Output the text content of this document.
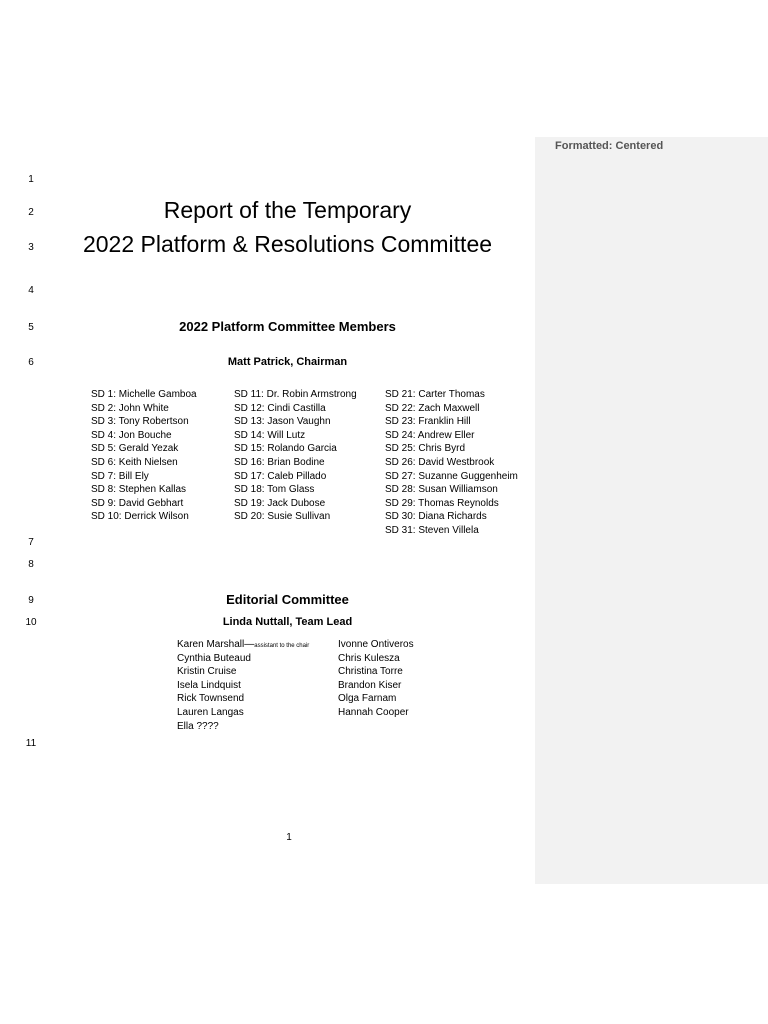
Formatted: Centered
1
2
3
4
5
6
7
8
9
10
11
Report of the Temporary
2022 Platform & Resolutions Committee
2022 Platform Committee Members
Matt Patrick, Chairman
SD 1: Michelle Gamboa
SD 2: John White
SD 3: Tony Robertson
SD 4: Jon Bouche
SD 5: Gerald Yezak
SD 6: Keith Nielsen
SD 7: Bill Ely
SD 8: Stephen Kallas
SD 9: David Gebhart
SD 10: Derrick Wilson
SD 11: Dr. Robin Armstrong
SD 12: Cindi Castilla
SD 13: Jason Vaughn
SD 14: Will Lutz
SD 15: Rolando Garcia
SD 16: Brian Bodine
SD 17: Caleb Pillado
SD 18: Tom Glass
SD 19: Jack Dubose
SD 20: Susie Sullivan
SD 21: Carter Thomas
SD 22: Zach Maxwell
SD 23: Franklin Hill
SD 24: Andrew Eller
SD 25: Chris Byrd
SD 26: David Westbrook
SD 27: Suzanne Guggenheim
SD 28: Susan Williamson
SD 29: Thomas Reynolds
SD 30: Diana Richards
SD 31: Steven Villela
Editorial Committee
Linda Nuttall, Team Lead
Karen Marshall—assistant to the chair
Cynthia Buteaud
Kristin Cruise
Isela Lindquist
Rick Townsend
Lauren Langas
Ella ????
Ivonne Ontiveros
Chris Kulesza
Christina Torre
Brandon Kiser
Olga Farnam
Hannah Cooper
1
